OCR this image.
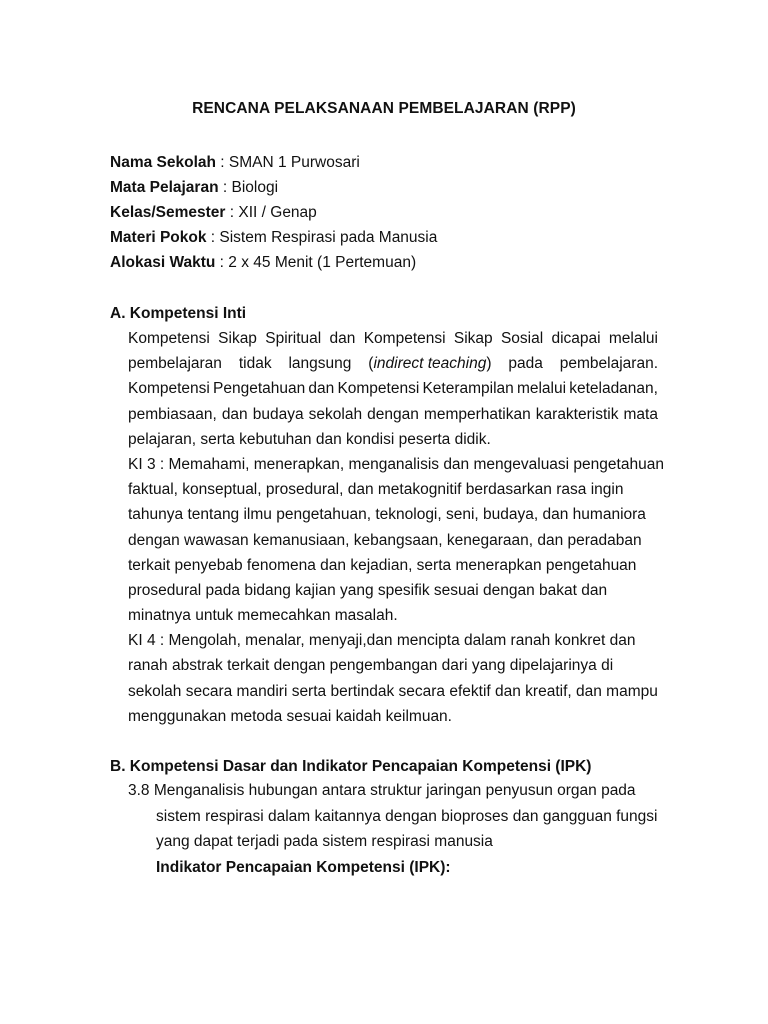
RENCANA PELAKSANAAN PEMBELAJARAN (RPP)
Nama Sekolah : SMAN 1 Purwosari
Mata Pelajaran : Biologi
Kelas/Semester : XII / Genap
Materi Pokok : Sistem Respirasi pada Manusia
Alokasi Waktu : 2 x 45 Menit (1 Pertemuan)
A. Kompetensi Inti
Kompetensi Sikap Spiritual dan Kompetensi Sikap Sosial dicapai melalui
pembelajaran tidak langsung (indirect teaching) pada pembelajaran.
Kompetensi Pengetahuan dan Kompetensi Keterampilan melalui keteladanan,
pembiasaan, dan budaya sekolah dengan memperhatikan karakteristik mata
pelajaran, serta kebutuhan dan kondisi peserta didik.
KI 3 : Memahami, menerapkan, menganalisis dan mengevaluasi pengetahuan
faktual, konseptual, prosedural, dan metakognitif berdasarkan rasa ingin
tahunya tentang ilmu pengetahuan, teknologi, seni, budaya, dan humaniora
dengan wawasan kemanusiaan, kebangsaan, kenegaraan, dan peradaban
terkait penyebab fenomena dan kejadian, serta menerapkan pengetahuan
prosedural pada bidang kajian yang spesifik sesuai dengan bakat dan
minatnya untuk memecahkan masalah.
KI 4 : Mengolah, menalar, menyaji,dan mencipta dalam ranah konkret dan
ranah abstrak terkait dengan pengembangan dari yang dipelajarinya di
sekolah secara mandiri serta bertindak secara efektif dan kreatif, dan mampu
menggunakan metoda sesuai kaidah keilmuan.
B. Kompetensi Dasar dan Indikator Pencapaian Kompetensi (IPK)
3.8 Menganalisis hubungan antara struktur jaringan penyusun organ pada
sistem respirasi dalam kaitannya dengan bioproses dan gangguan fungsi
yang dapat terjadi pada sistem respirasi manusia
Indikator Pencapaian Kompetensi (IPK):
